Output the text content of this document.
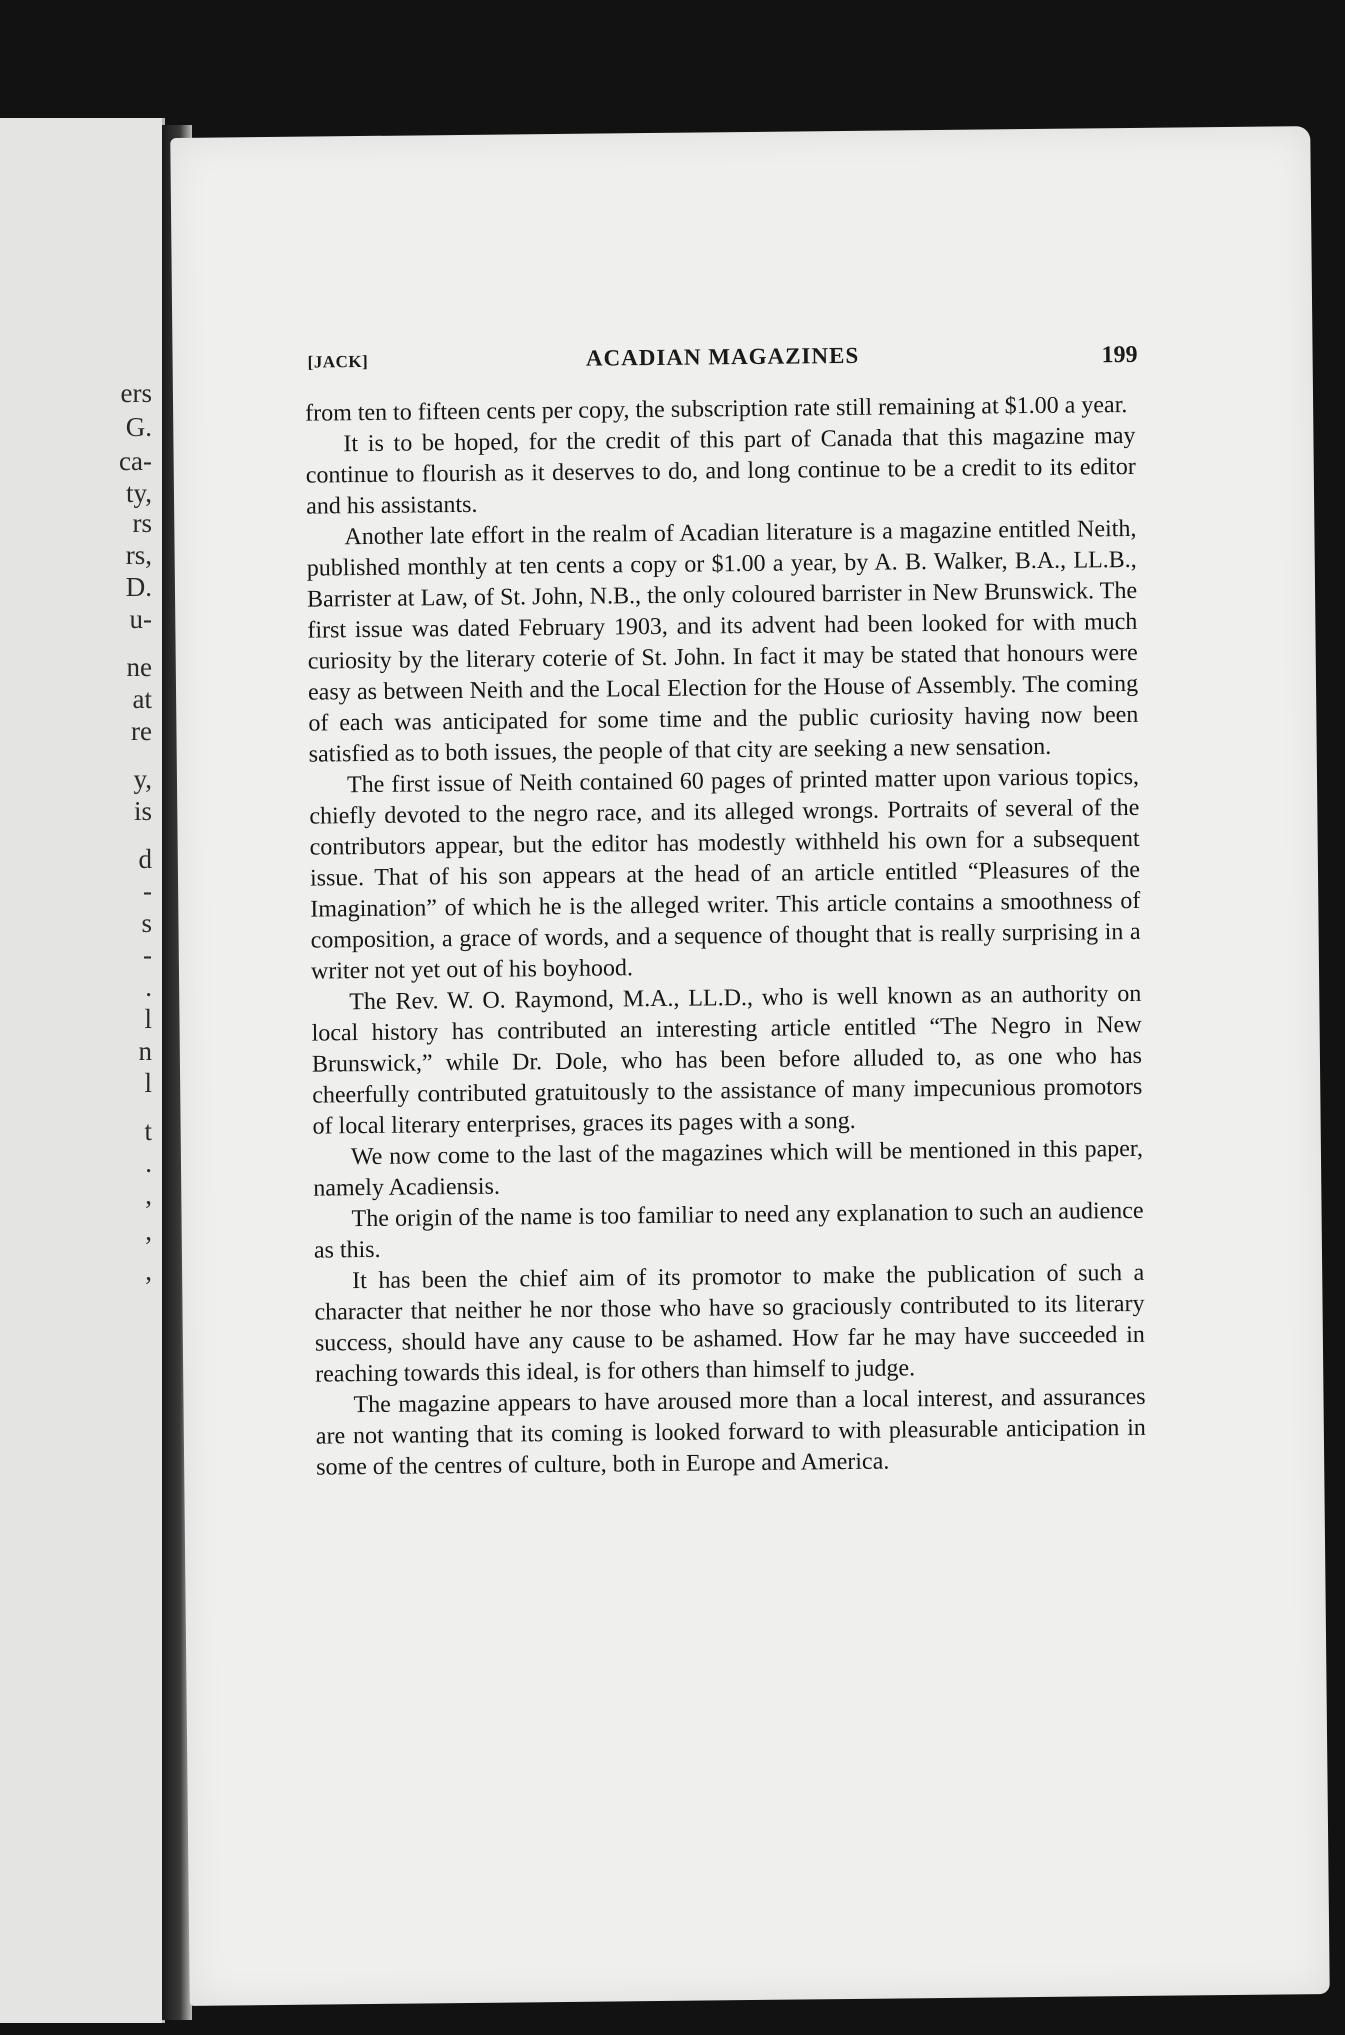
ers
G.
ca-
ty,
rs
rs,
D.
u-
ne
at
re
y,
is
d
-
s
-
.
l
n
l
t
.
,
,
,
[JACK]	ACADIAN MAGAZINES	199

from ten to fifteen cents per copy, the subscription rate still remaining at $1.00 a year.

It is to be hoped, for the credit of this part of Canada that this magazine may continue to flourish as it deserves to do, and long continue to be a credit to its editor and his assistants.

Another late effort in the realm of Acadian literature is a magazine entitled Neith, published monthly at ten cents a copy or $1.00 a year, by A. B. Walker, B.A., LL.B., Barrister at Law, of St. John, N.B., the only coloured barrister in New Brunswick. The first issue was dated February 1903, and its advent had been looked for with much curiosity by the literary coterie of St. John. In fact it may be stated that honours were easy as between Neith and the Local Election for the House of Assembly. The coming of each was anticipated for some time and the public curiosity having now been satisfied as to both issues, the people of that city are seeking a new sensation.

The first issue of Neith contained 60 pages of printed matter upon various topics, chiefly devoted to the negro race, and its alleged wrongs. Portraits of several of the contributors appear, but the editor has modestly withheld his own for a subsequent issue. That of his son appears at the head of an article entitled “Pleasures of the Imagination” of which he is the alleged writer. This article contains a smoothness of composition, a grace of words, and a sequence of thought that is really surprising in a writer not yet out of his boyhood.

The Rev. W. O. Raymond, M.A., LL.D., who is well known as an authority on local history has contributed an interesting article entitled “The Negro in New Brunswick,” while Dr. Dole, who has been before alluded to, as one who has cheerfully contributed gratuitously to the assistance of many impecunious promotors of local literary enterprises, graces its pages with a song.

We now come to the last of the magazines which will be mentioned in this paper, namely Acadiensis.

The origin of the name is too familiar to need any explanation to such an audience as this.

It has been the chief aim of its promotor to make the publication of such a character that neither he nor those who have so graciously contributed to its literary success, should have any cause to be ashamed. How far he may have succeeded in reaching towards this ideal, is for others than himself to judge.

The magazine appears to have aroused more than a local interest, and assurances are not wanting that its coming is looked forward to with pleasurable anticipation in some of the centres of culture, both in Europe and America.
